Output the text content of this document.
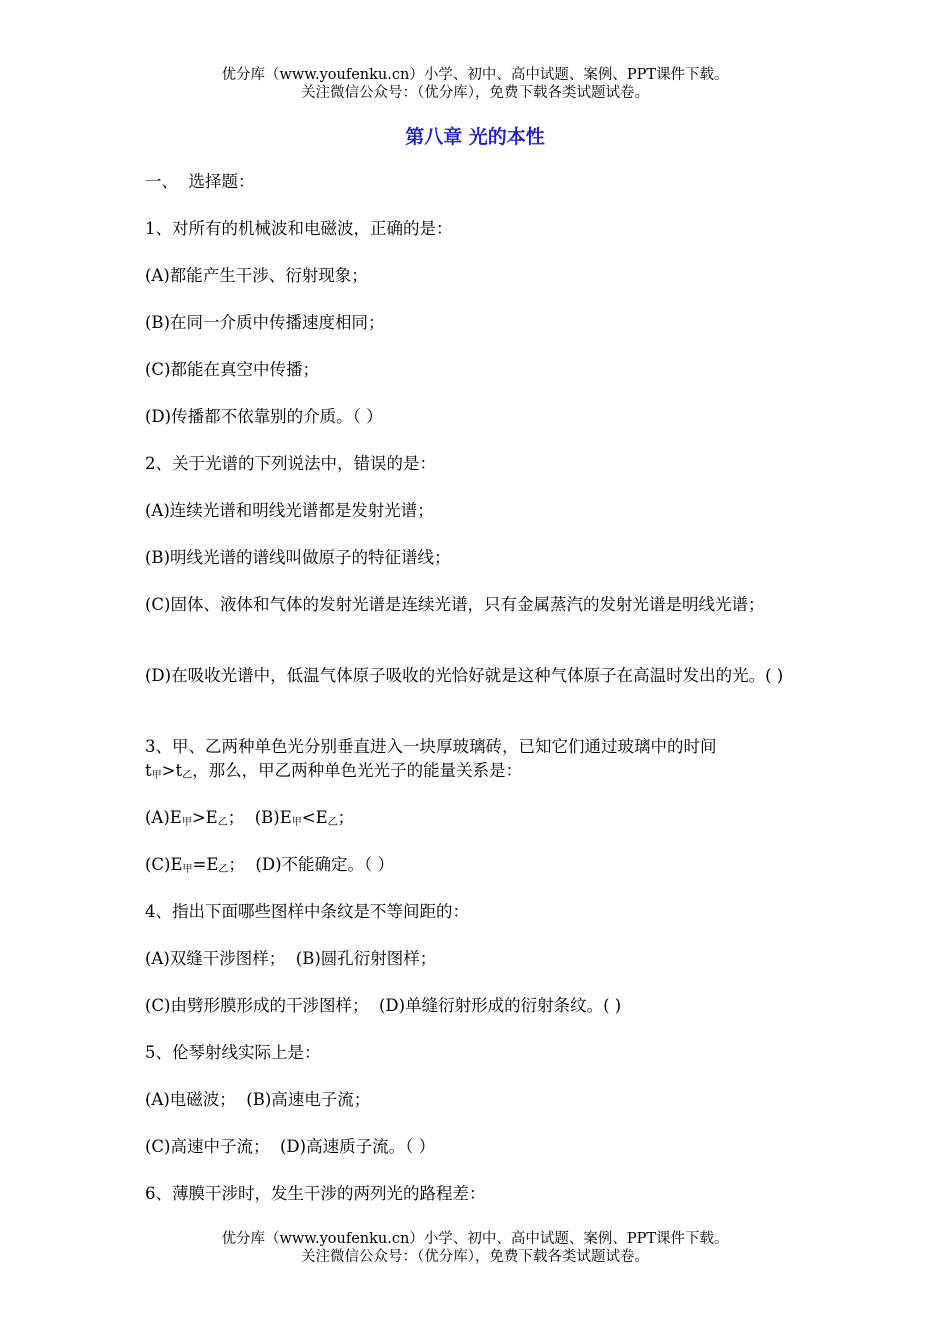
优分库（www.youfenku.cn）小学、初中、高中试题、案例、PPT课件下载。
关注微信公众号：（优分库），免费下载各类试题试卷。
第八章 光的本性

一、  选择题：

1、对所有的机械波和电磁波，正确的是：

(A)都能产生干涉、衍射现象；

(B)在同一介质中传播速度相同；

(C)都能在真空中传播；

(D)传播都不依靠别的介质。（ ）

2、关于光谱的下列说法中，错误的是：

(A)连续光谱和明线光谱都是发射光谱；

(B)明线光谱的谱线叫做原子的特征谱线；

(C)固体、液体和气体的发射光谱是连续光谱，只有金属蒸汽的发射光谱是明线光谱；

(D)在吸收光谱中，低温气体原子吸收的光恰好就是这种气体原子在高温时发出的光。( )

3、甲、乙两种单色光分别垂直进入一块厚玻璃砖，已知它们通过玻璃中的时间
$t_甲>t_乙$，那么，甲乙两种单色光光子的能量关系是：

$(A)E_甲>E_乙$；  $(B)E_甲<E_乙$；

$(C)E_甲=E_乙$；  (D)不能确定。（ ）

4、指出下面哪些图样中条纹是不等间距的：

(A)双缝干涉图样；  (B)圆孔衍射图样；

(C)由劈形膜形成的干涉图样；  (D)单缝衍射形成的衍射条纹。( )

5、伦琴射线实际上是：

(A)电磁波；  (B)高速电子流；

(C)高速中子流；  (D)高速质子流。（ ）

6、薄膜干涉时，发生干涉的两列光的路程差：

优分库（www.youfenku.cn）小学、初中、高中试题、案例、PPT课件下载。
关注微信公众号：（优分库），免费下载各类试题试卷。
